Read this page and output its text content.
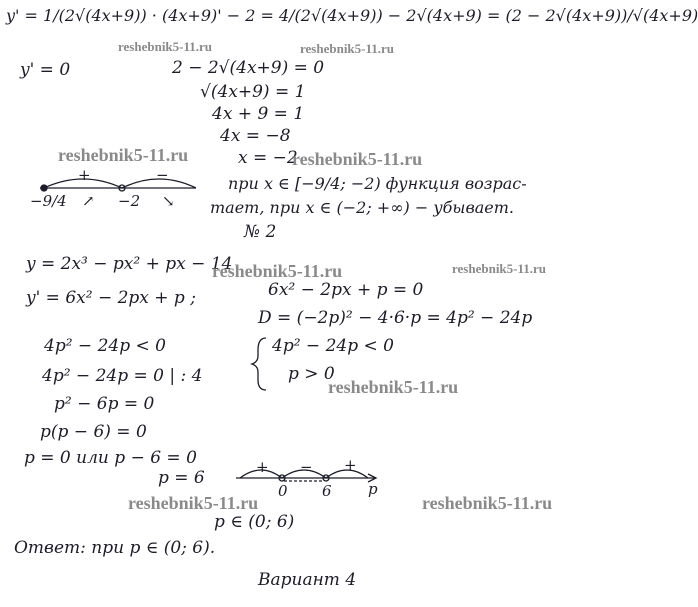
y' = 1/(2√(4x+9)) · (4x+9)' − 2 = 4/(2√(4x+9)) − 2√(4x+9) = (2 − 2√(4x+9))/√(4x+9)
reshebnik5-11.ru	reshebnik5-11.ru
y' = 0	2 − 2√(4x+9) = 0
√(4x+9) = 1
4x + 9 = 1
4x = −8
x = −2
reshebnik5-11.ru	reshebnik5-11.ru
+	−
−9/4	−2
↗	↘
при x ∈ [−9/4; −2) функция возрас-
тает, при x ∈ (−2; +∞) − убывает.
№ 2
y = 2x³ − px² + px − 14
reshebnik5-11.ru	reshebnik5-11.ru
y' = 6x² − 2px + p ;	6x² − 2px + p = 0
D = (−2p)² − 4·6·p = 4p² − 24p
4p² − 24p < 0	4p² − 24p < 0
p > 0
4p² − 24p = 0 | : 4
reshebnik5-11.ru
p² − 6p = 0
p(p − 6) = 0
p = 0 или p − 6 = 0
p = 6
+ − +
0 6 p
reshebnik5-11.ru	reshebnik5-11.ru
p ∈ (0; 6)
Ответ: при p ∈ (0; 6).
Вариант 4
